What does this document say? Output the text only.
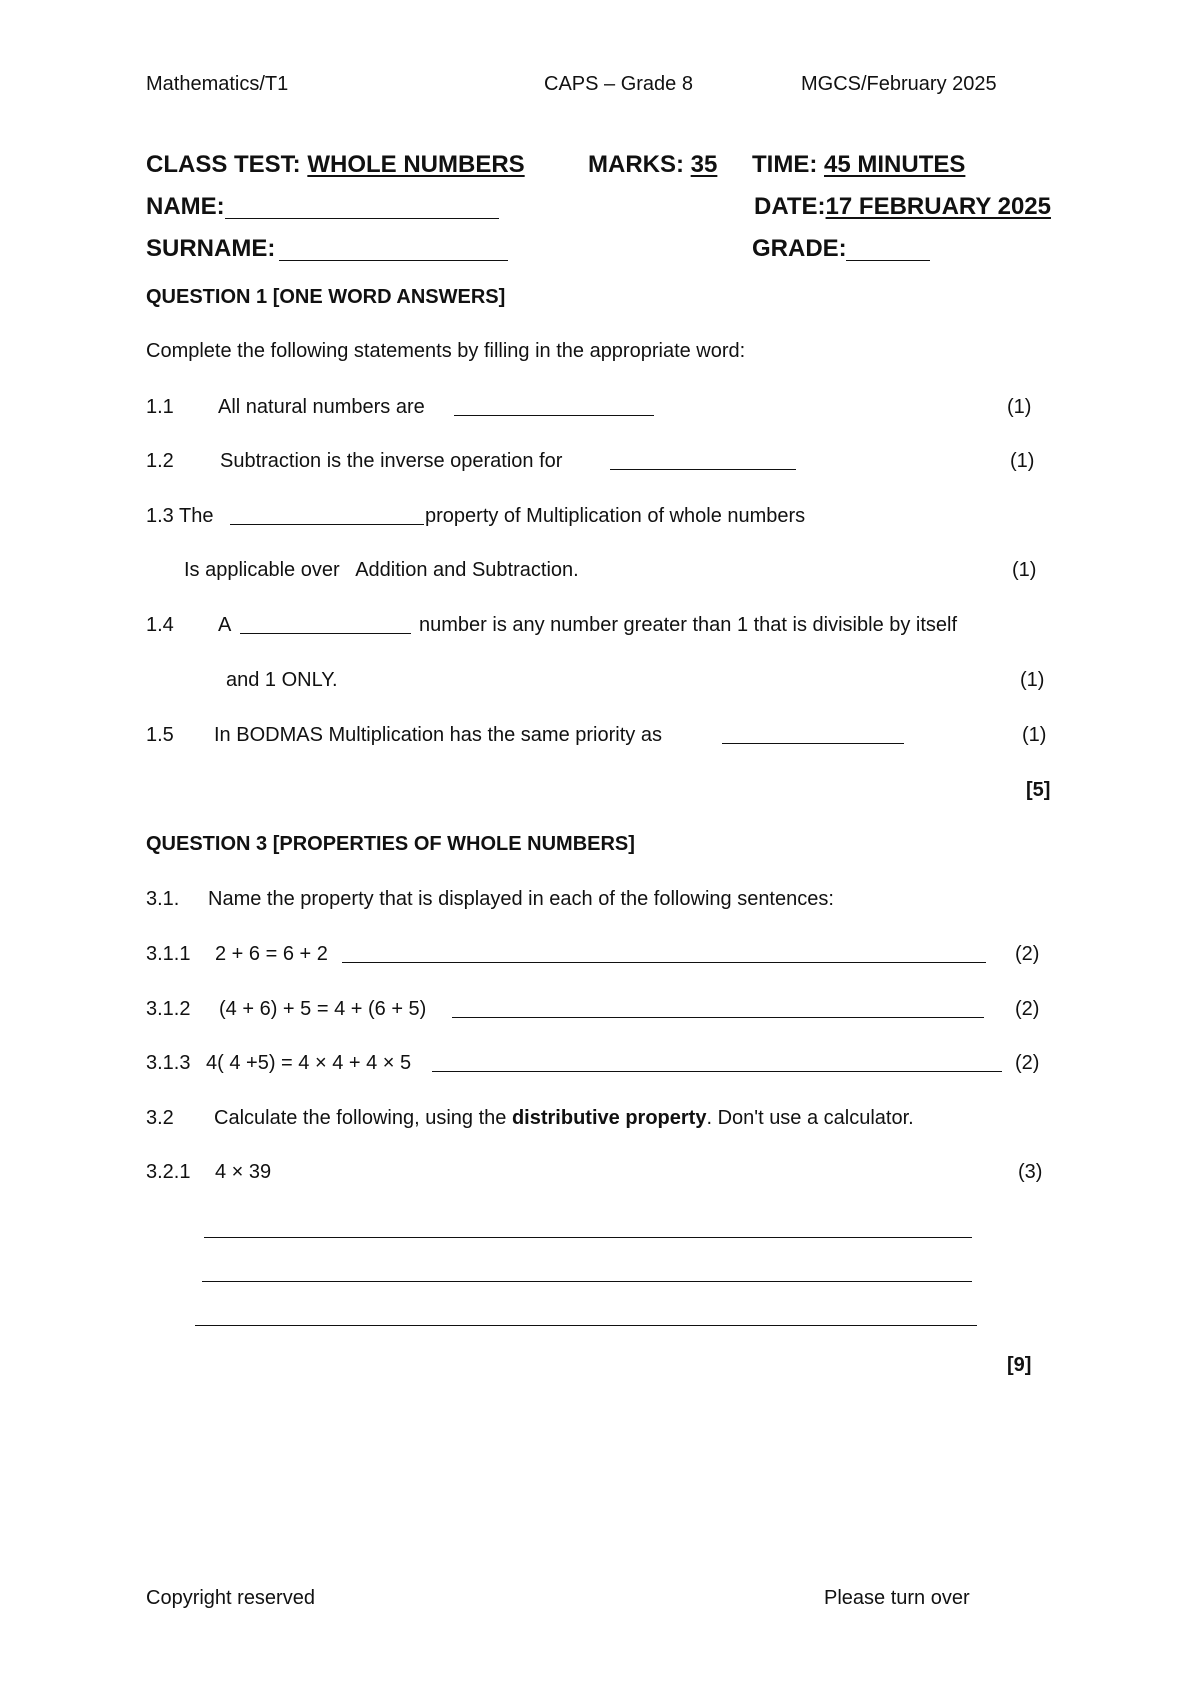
Mathematics/T1	CAPS – Grade 8	MGCS/February 2025
CLASS TEST: WHOLE NUMBERS	MARKS: 35 TIME: 45 MINUTES
NAME:	DATE:17 FEBRUARY 2025
SURNAME:	GRADE:
QUESTION 1 [ONE WORD ANSWERS]
Complete the following statements by filling in the appropriate word:
1.1 All natural numbers are	(1)
1.2 Subtraction is the inverse operation for	(1)
1.3 The	property of Multiplication of whole numbers
Is applicable over   Addition and Subtraction.	(1)
1.4 A	number is any number greater than 1 that is divisible by itself
and 1 ONLY.	(1)
1.5 In BODMAS Multiplication has the same priority as	(1)
[5]
QUESTION 3 [PROPERTIES OF WHOLE NUMBERS]
3.1. Name the property that is displayed in each of the following sentences:
3.1.1 2 + 6 = 6 + 2	(2)
3.1.2 (4 + 6) + 5 = 4 + (6 + 5)	(2)
3.1.3 4( 4 +5) = 4 × 4 + 4 × 5	(2)
3.2 Calculate the following, using the distributive property. Don't use a calculator.
3.2.1 4 × 39	(3)
[9]
Copyright reserved	Please turn over
